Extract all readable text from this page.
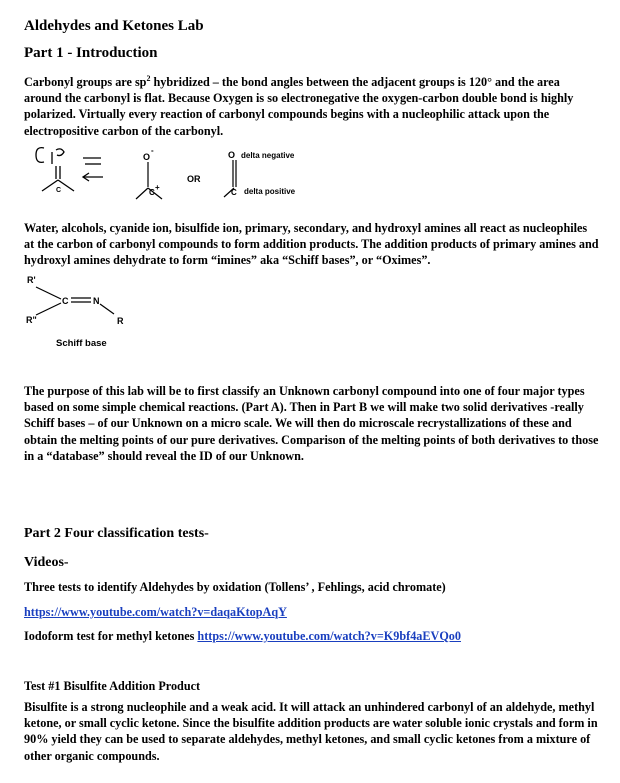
Aldehydes and Ketones Lab
Part 1 - Introduction
Carbonyl groups are $sp^2$ hybridized – the bond angles between the adjacent groups is 120° and the area around the carbonyl is flat. Because Oxygen is so electronegative the oxygen-carbon double bond is highly polarized. Virtually every reaction of carbonyl compounds begins with a nucleophilic attack upon the electropositive carbon of the carbonyl.
C
O
-
C
+
OR
O delta negative
C delta positive
R'
R"
C	N
R
Schiff base
Water, alcohols, cyanide ion, bisulfide ion, primary, secondary, and hydroxyl amines all react as nucleophiles at the carbon of carbonyl compounds to form addition products. The addition products of primary amines and hydroxyl amines dehydrate to form “imines” aka “Schiff bases”, or “Oximes”.
The purpose of this lab will be to first classify an Unknown carbonyl compound into one of four major types based on some simple chemical reactions. (Part A). Then in Part B we will make two solid derivatives -really Schiff bases – of our Unknown on a micro scale. We will then do microscale recrystallizations of these and obtain the melting points of our pure derivatives. Comparison of the melting points of both derivatives to those in a “database” should reveal the ID of our Unknown.
Part 2 Four classification tests-
Videos-
Three tests to identify Aldehydes by oxidation (Tollens’ , Fehlings, acid chromate)
https://www.youtube.com/watch?v=daqaKtopAqY
Iodoform test for methyl ketones https://www.youtube.com/watch?v=K9bf4aEVQo0
Test #1 Bisulfite Addition Product
Bisulfite is a strong nucleophile and a weak acid. It will attack an unhindered carbonyl of an aldehyde, methyl ketone, or small cyclic ketone. Since the bisulfite addition products are water soluble ionic crystals and form in 90% yield they can be used to separate aldehydes, methyl ketones, and small cyclic ketones from a mixture of other organic compounds.
